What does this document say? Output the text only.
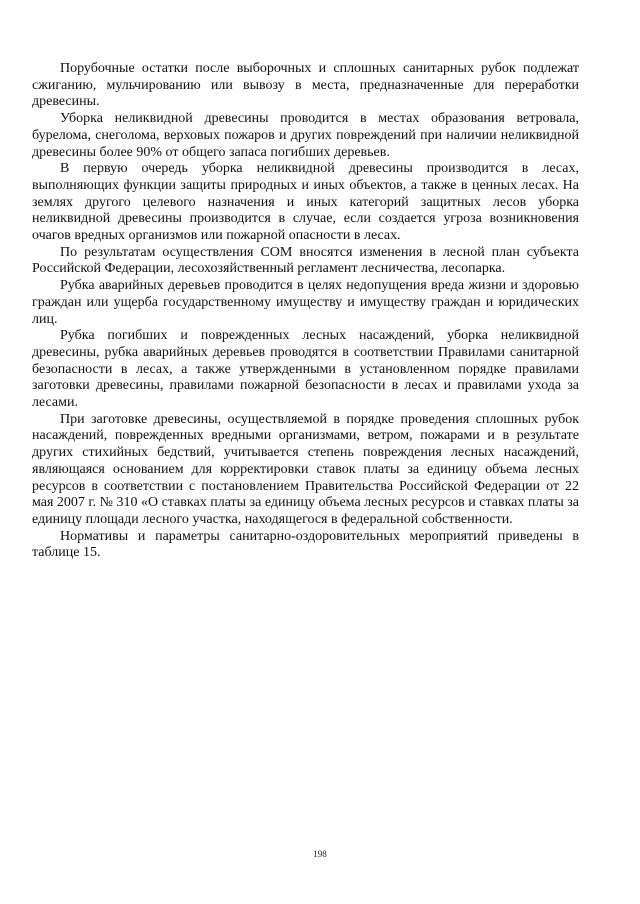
Порубочные остатки после выборочных и сплошных санитарных рубок подлежат сжиганию, мульчированию или вывозу в места, предназначенные для переработки древесины.

Уборка неликвидной древесины проводится в местах образования ветровала, бурелома, снеголома, верховых пожаров и других повреждений при наличии неликвидной древесины более 90% от общего запаса погибших деревьев.

В первую очередь уборка неликвидной древесины производится в лесах, выполняющих функции защиты природных и иных объектов, а также в ценных лесах. На землях другого целевого назначения и иных категорий защитных лесов уборка неликвидной древесины производится в случае, если создается угроза возникновения очагов вредных организмов или пожарной опасности в лесах.

По результатам осуществления СОМ вносятся изменения в лесной план субъекта Российской Федерации, лесохозяйственный регламент лесничества, лесопарка.

Рубка аварийных деревьев проводится в целях недопущения вреда жизни и здоровью граждан или ущерба государственному имуществу и имуществу граждан и юридических лиц.

Рубка погибших и поврежденных лесных насаждений, уборка неликвидной древесины, рубка аварийных деревьев проводятся в соответствии Правилами санитарной безопасности в лесах, а также утвержденными в установленном порядке правилами заготовки древесины, правилами пожарной безопасности в лесах и правилами ухода за лесами.

При заготовке древесины, осуществляемой в порядке проведения сплошных рубок насаждений, поврежденных вредными организмами, ветром, пожарами и в результате других стихийных бедствий, учитывается степень повреждения лесных насаждений, являющаяся основанием для корректировки ставок платы за единицу объема лесных ресурсов в соответствии с постановлением Правительства Российской Федерации от 22 мая 2007 г. № 310 «О ставках платы за единицу объема лесных ресурсов и ставках платы за единицу площади лесного участка, находящегося в федеральной собственности.

Нормативы и параметры санитарно-оздоровительных мероприятий приведены в таблице 15.

198
